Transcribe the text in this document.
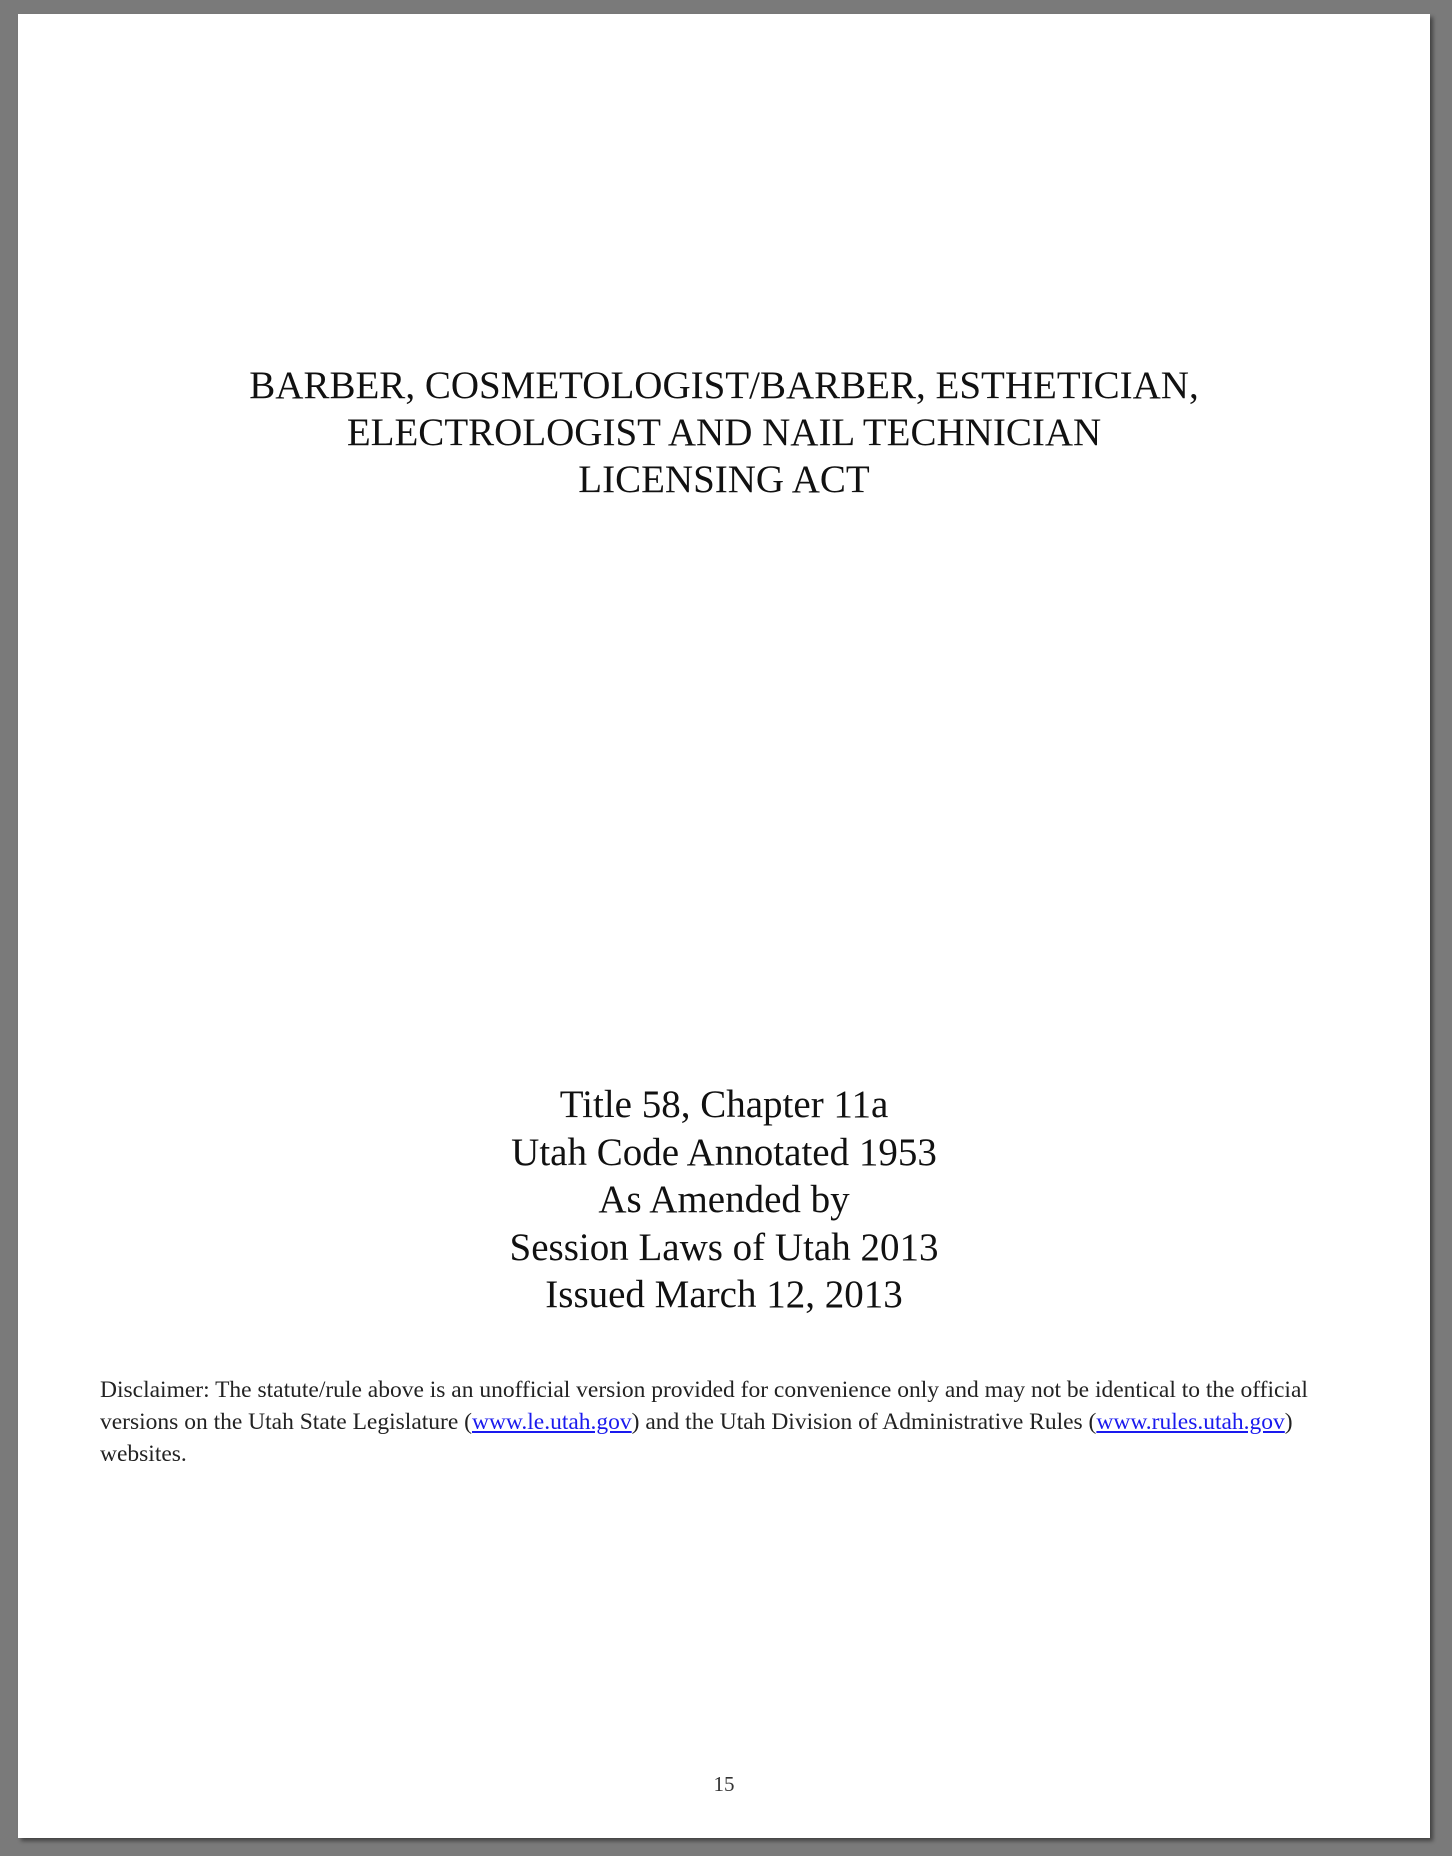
BARBER, COSMETOLOGIST/BARBER, ESTHETICIAN,
ELECTROLOGIST AND NAIL TECHNICIAN
LICENSING ACT
Title 58, Chapter 11a
Utah Code Annotated 1953
As Amended by
Session Laws of Utah 2013
Issued March 12, 2013
Disclaimer: The statute/rule above is an unofficial version provided for convenience only and may not be identical to the official versions on the Utah State Legislature (www.le.utah.gov) and the Utah Division of Administrative Rules (www.rules.utah.gov) websites.
15
